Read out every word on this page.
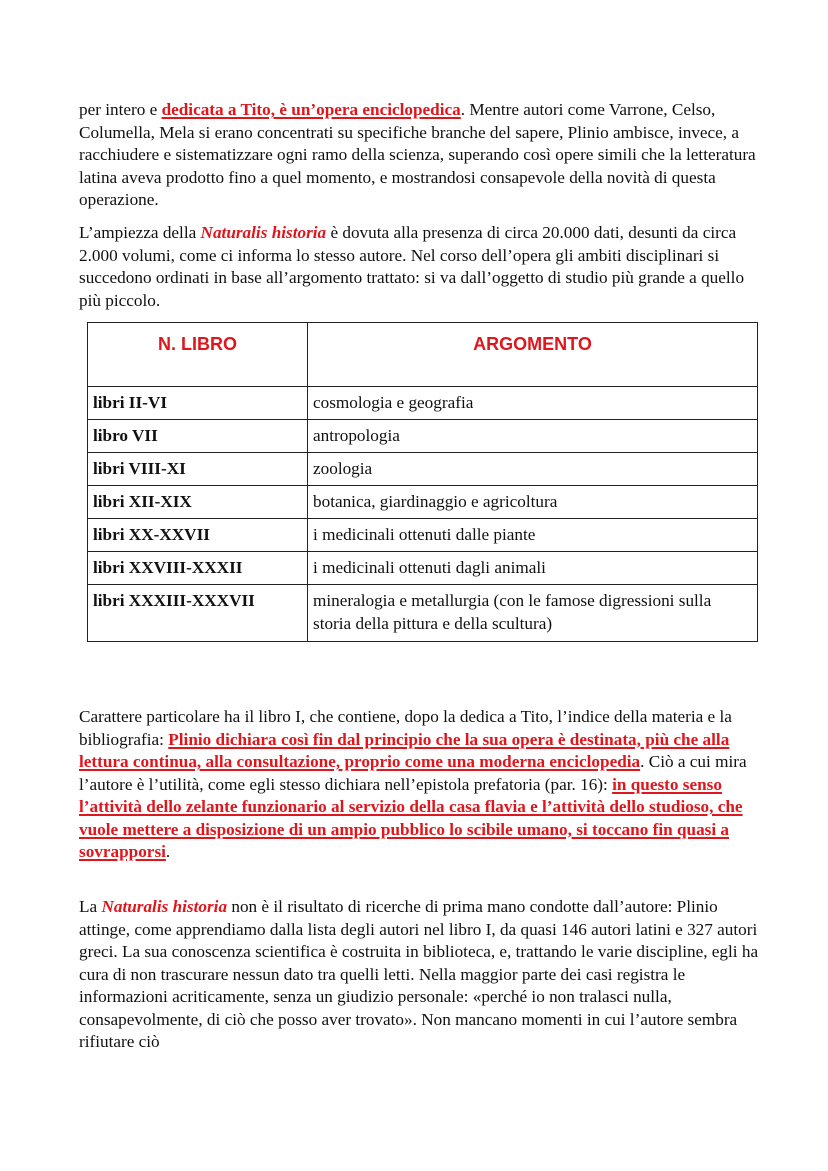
per intero e dedicata a Tito, è un’opera enciclopedica. Mentre autori come Varrone, Celso, Columella, Mela si erano concentrati su specifiche branche del sapere, Plinio ambisce, invece, a racchiudere e sistematizzare ogni ramo della scienza, superando così opere simili che la letteratura latina aveva prodotto fino a quel momento, e mostrandosi consapevole della novità di questa operazione.

L’ampiezza della Naturalis historia è dovuta alla presenza di circa 20.000 dati, desunti da circa 2.000 volumi, come ci informa lo stesso autore. Nel corso dell’opera gli ambiti disciplinari si succedono ordinati in base all’argomento trattato: si va dall’oggetto di studio più grande a quello più piccolo.

N. LIBRO	ARGOMENTO
libri II-VI	cosmologia e geografia
libro VII	antropologia
libri VIII-XI	zoologia
libri XII-XIX	botanica, giardinaggio e agricoltura
libri XX-XXVII	i medicinali ottenuti dalle piante
libri XXVIII-XXXII	i medicinali ottenuti dagli animali
libri XXXIII-XXXVII	mineralogia e metallurgia (con le famose digressioni sulla storia della pittura e della scultura)

Carattere particolare ha il libro I, che contiene, dopo la dedica a Tito, l’indice della materia e la bibliografia: Plinio dichiara così fin dal principio che la sua opera è destinata, più che alla lettura continua, alla consultazione, proprio come una moderna enciclopedia. Ciò a cui mira l’autore è l’utilità, come egli stesso dichiara nell’epistola prefatoria (par. 16): in questo senso l’attività dello zelante funzionario al servizio della casa flavia e l’attività dello studioso, che vuole mettere a disposizione di un ampio pubblico lo scibile umano, si toccano fin quasi a sovrapporsi.

La Naturalis historia non è il risultato di ricerche di prima mano condotte dall’autore: Plinio attinge, come apprendiamo dalla lista degli autori nel libro I, da quasi 146 autori latini e 327 autori greci. La sua conoscenza scientifica è costruita in biblioteca, e, trattando le varie discipline, egli ha cura di non trascurare nessun dato tra quelli letti. Nella maggior parte dei casi registra le informazioni acriticamente, senza un giudizio personale: «perché io non tralasci nulla, consapevolmente, di ciò che posso aver trovato». Non mancano momenti in cui l’autore sembra rifiutare ciò
